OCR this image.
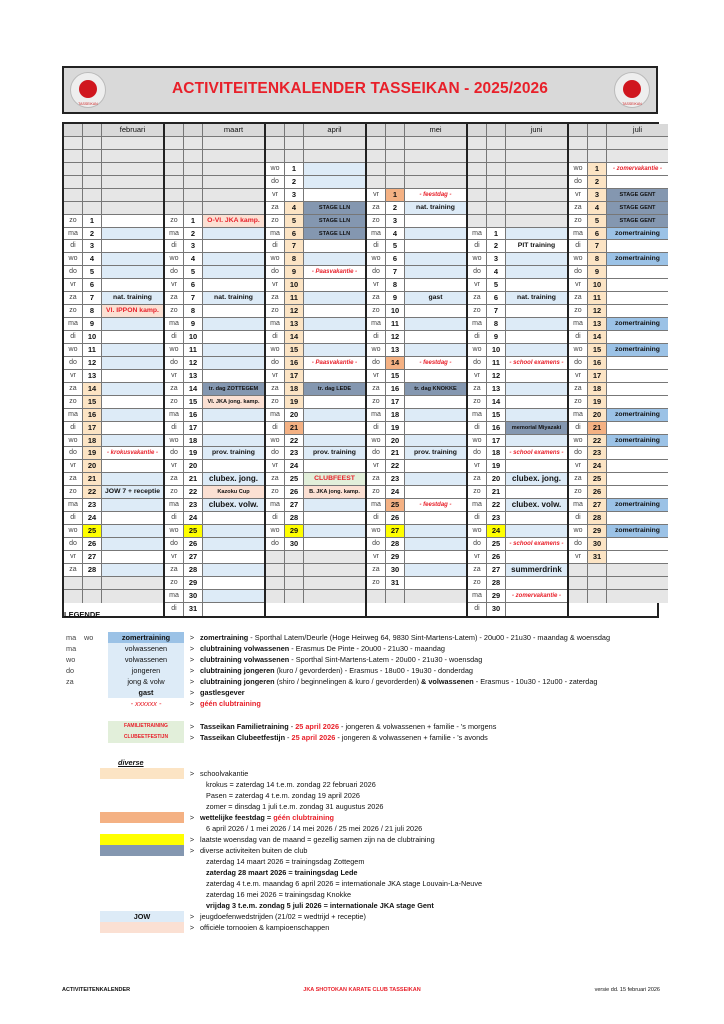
TASSEIKAN
ACTIVITEITENKALENDER TASSEIKAN - 2025/2026
TASSEIKAN
februari
zo	1
ma	2
di	3
wo	4
do	5
vr	6
za	7	nat. training
zo	8	Vl. IPPON kamp.
ma	9
di	10
wo	11
do	12
vr	13
za	14
zo	15
ma	16
di	17
wo	18
do	19	- krokusvakantie -
vr	20
za	21
zo	22	JOW 7 + receptie
ma	23
di	24
wo	25
do	26
vr	27
za	28
maart
zo	1	O-Vl. JKA kamp.
ma	2
di	3
wo	4
do	5
vr	6
za	7	nat. training
zo	8
ma	9
di	10
wo	11
do	12
vr	13
za	14	tr. dag ZOTTEGEM
zo	15	Vl. JKA jong. kamp.
ma	16
di	17
wo	18
do	19	prov. training
vr	20
za	21	clubex. jong.
zo	22	Kazoku Cup
ma	23	clubex. volw.
di	24
wo	25
do	26
vr	27
za	28
zo	29
ma	30
di	31
april
wo	1
do	2
vr	3
za	4	STAGE LLN
zo	5	STAGE LLN
ma	6	STAGE LLN
di	7
wo	8
do	9	- Paasvakantie -
vr	10
za	11
zo	12
ma	13
di	14
wo	15
do	16	- Paasvakantie -
vr	17
za	18	tr. dag LEDE
zo	19
ma	20
di	21
wo	22
do	23	prov. training
vr	24
za	25	CLUBFEEST
zo	26	B. JKA jong. kamp.
ma	27
di	28
wo	29
do	30
mei
vr	1	- feestdag -
za	2	nat. training
zo	3
ma	4
di	5
wo	6
do	7
vr	8
za	9	gast
zo	10
ma	11
di	12
wo	13
do	14	- feestdag -
vr	15
za	16	tr. dag KNOKKE
zo	17
ma	18
di	19
wo	20
do	21	prov. training
vr	22
za	23
zo	24
ma	25	- feestdag -
di	26
wo	27
do	28
vr	29
za	30
zo	31
juni
ma	1
di	2	PIT training
wo	3
do	4
vr	5
za	6	nat. training
zo	7
ma	8
di	9
wo	10
do	11	- school examens -
vr	12
za	13
zo	14
ma	15
di	16	memorial Miyazaki
wo	17
do	18	- school examens -
vr	19
za	20	clubex. jong.
zo	21
ma	22	clubex. volw.
di	23
wo	24
do	25	- school examens -
vr	26
za	27	summerdrink
zo	28
ma	29	- zomervakantie -
di	30
juli
wo	1	- zomervakantie -
do	2
vr	3	STAGE GENT
za	4	STAGE GENT
zo	5	STAGE GENT
ma	6	zomertraining
di	7
wo	8	zomertraining
do	9
vr	10
za	11
zo	12
ma	13	zomertraining
di	14
wo	15	zomertraining
do	16
vr	17
za	18
zo	19
ma	20	zomertraining
di	21
wo	22	zomertraining
do	23
vr	24
za	25
zo	26
ma	27	zomertraining
di	28
wo	29	zomertraining
do	30
vr	31
LEGENDE
ma	wo	zomertraining	> zomertraining - Sporthal Latem/Deurle (Hoge Heirweg 64, 9830 Sint-Martens-Latem) - 20u00 - 21u30 - maandag & woensdag
ma	volwassenen	> clubtraining volwassenen - Erasmus De Pinte - 20u00 - 21u30 - maandag
wo	volwassenen	> clubtraining volwassenen - Sporthal Sint-Martens-Latem - 20u00 - 21u30 - woensdag
do	jongeren	> clubtraining jongeren (kuro / gevorderden) - Erasmus - 18u00 - 19u30 - donderdag
za	jong & volw	> clubtraining jongeren (shiro / beginnelingen & kuro / gevorderden) & volwassenen - Erasmus - 10u30 - 12u00 - zaterdag
gast	> gastlesgever
- xxxxxx -	> géén clubtraining
FAMILIETRAINING	> Tasseikan Familietraining - 25 april 2026 - jongeren & volwassenen + familie - 's morgens
CLUBEETFESTIJN	> Tasseikan Clubeetfestijn - 25 april 2026 - jongeren & volwassenen + familie - 's avonds
diverse
> schoolvakantie
krokus = zaterdag 14 t.e.m. zondag 22 februari 2026
Pasen = zaterdag 4 t.e.m. zondag 19 april 2026
zomer = dinsdag 1 juli t.e.m. zondag 31 augustus 2026
> wettelijke feestdag = géén clubtraining
6 april 2026 / 1 mei 2026 / 14 mei 2026 / 25 mei 2026 / 21 juli 2026
> laatste woensdag van de maand = gezellig samen zijn na de clubtraining
> diverse activiteiten buiten de club
zaterdag 14 maart 2026 = trainingsdag Zottegem
zaterdag 28 maart 2026 = trainingsdag Lede
zaterdag 4 t.e.m. maandag 6 april 2026 = internationale JKA stage Louvain-La-Neuve
zaterdag 16 mei 2026 = trainingsdag Knokke
vrijdag 3 t.e.m. zondag 5 juli 2026 = internationale JKA stage Gent
JOW	> jeugdoefenwedstrijden (21/02 = wedtrijd + receptie)
> officiële tornooien & kampioenschappen
ACTIVITEITENKALENDER	JKA SHOTOKAN KARATE CLUB TASSEIKAN	versie dd. 15 februari 2026
